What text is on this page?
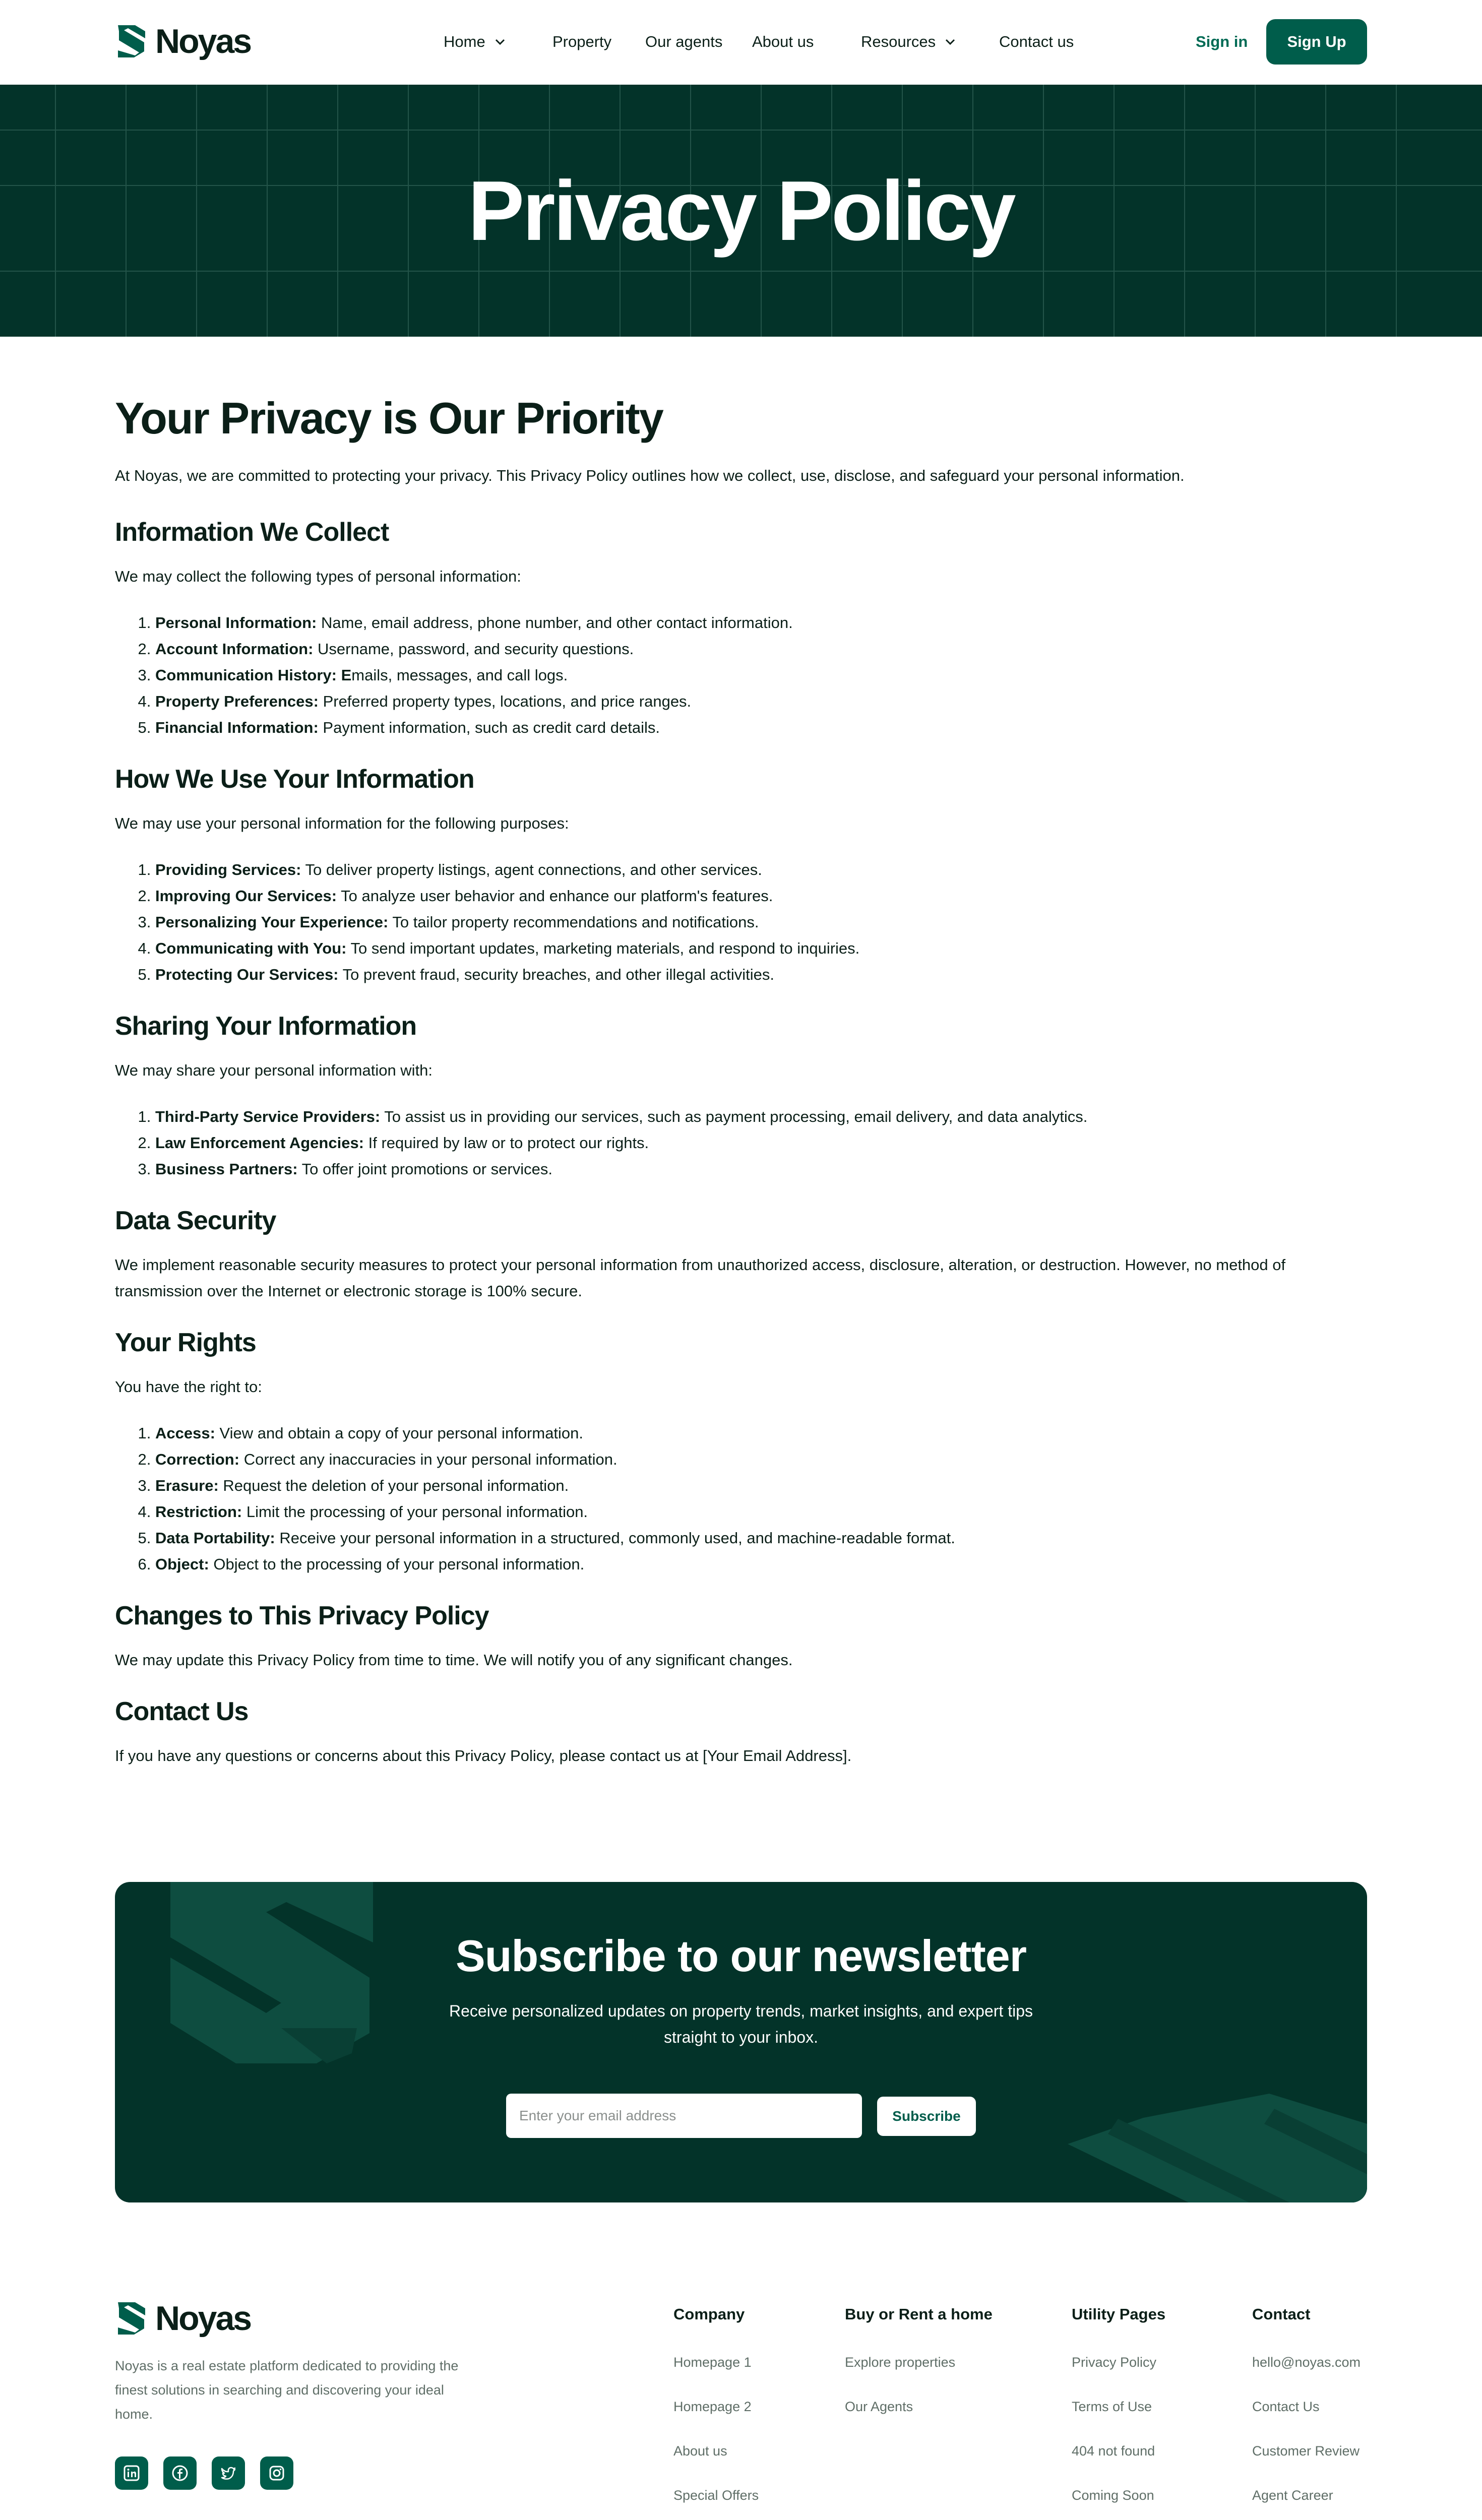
Noyas	Home	Property Our agents About us	Resources	Contact us	Sign in	Sign Up
Privacy Policy
Your Privacy is Our Priority

At Noyas, we are committed to protecting your privacy. This Privacy Policy outlines how we collect, use, disclose, and safeguard your personal information.

Information We Collect

We may collect the following types of personal information:

1. Personal Information: Name, email address, phone number, and other contact information.
2. Account Information: Username, password, and security questions.
3. Communication History: Emails, messages, and call logs.
4. Property Preferences: Preferred property types, locations, and price ranges.
5. Financial Information: Payment information, such as credit card details.
How We Use Your Information

We may use your personal information for the following purposes:

1. Providing Services: To deliver property listings, agent connections, and other services.
2. Improving Our Services: To analyze user behavior and enhance our platform's features.
3. Personalizing Your Experience: To tailor property recommendations and notifications.
4. Communicating with You: To send important updates, marketing materials, and respond to inquiries.
5. Protecting Our Services: To prevent fraud, security breaches, and other illegal activities.
Sharing Your Information

We may share your personal information with:

1. Third-Party Service Providers: To assist us in providing our services, such as payment processing, email delivery, and data analytics.
2. Law Enforcement Agencies: If required by law or to protect our rights.
3. Business Partners: To offer joint promotions or services.
Data Security

We implement reasonable security measures to protect your personal information from unauthorized access, disclosure, alteration, or destruction. However, no method of transmission over the Internet or electronic storage is 100% secure.

Your Rights

You have the right to:

1. Access: View and obtain a copy of your personal information.
2. Correction: Correct any inaccuracies in your personal information.
3. Erasure: Request the deletion of your personal information.
4. Restriction: Limit the processing of your personal information.
5. Data Portability: Receive your personal information in a structured, commonly used, and machine-readable format.
6. Object: Object to the processing of your personal information.
Changes to This Privacy Policy

We may update this Privacy Policy from time to time. We will notify you of any significant changes.

Contact Us

If you have any questions or concerns about this Privacy Policy, please contact us at [Your Email Address].

Subscribe to our newsletter

Receive personalized updates on property trends, market insights, and expert tips straight to your inbox.

Enter your email address
Subscribe
Noyas

Noyas is a real estate platform dedicated to providing the finest solutions in searching and discovering your ideal home.

Company
Homepage 1
Homepage 2
About us
Special Offers
Buy or Rent a home
Explore properties
Our Agents
Utility Pages
Privacy Policy
Terms of Use
404 not found
Coming Soon
Contact
hello@noyas.com
Contact Us
Customer Review
Agent Career
